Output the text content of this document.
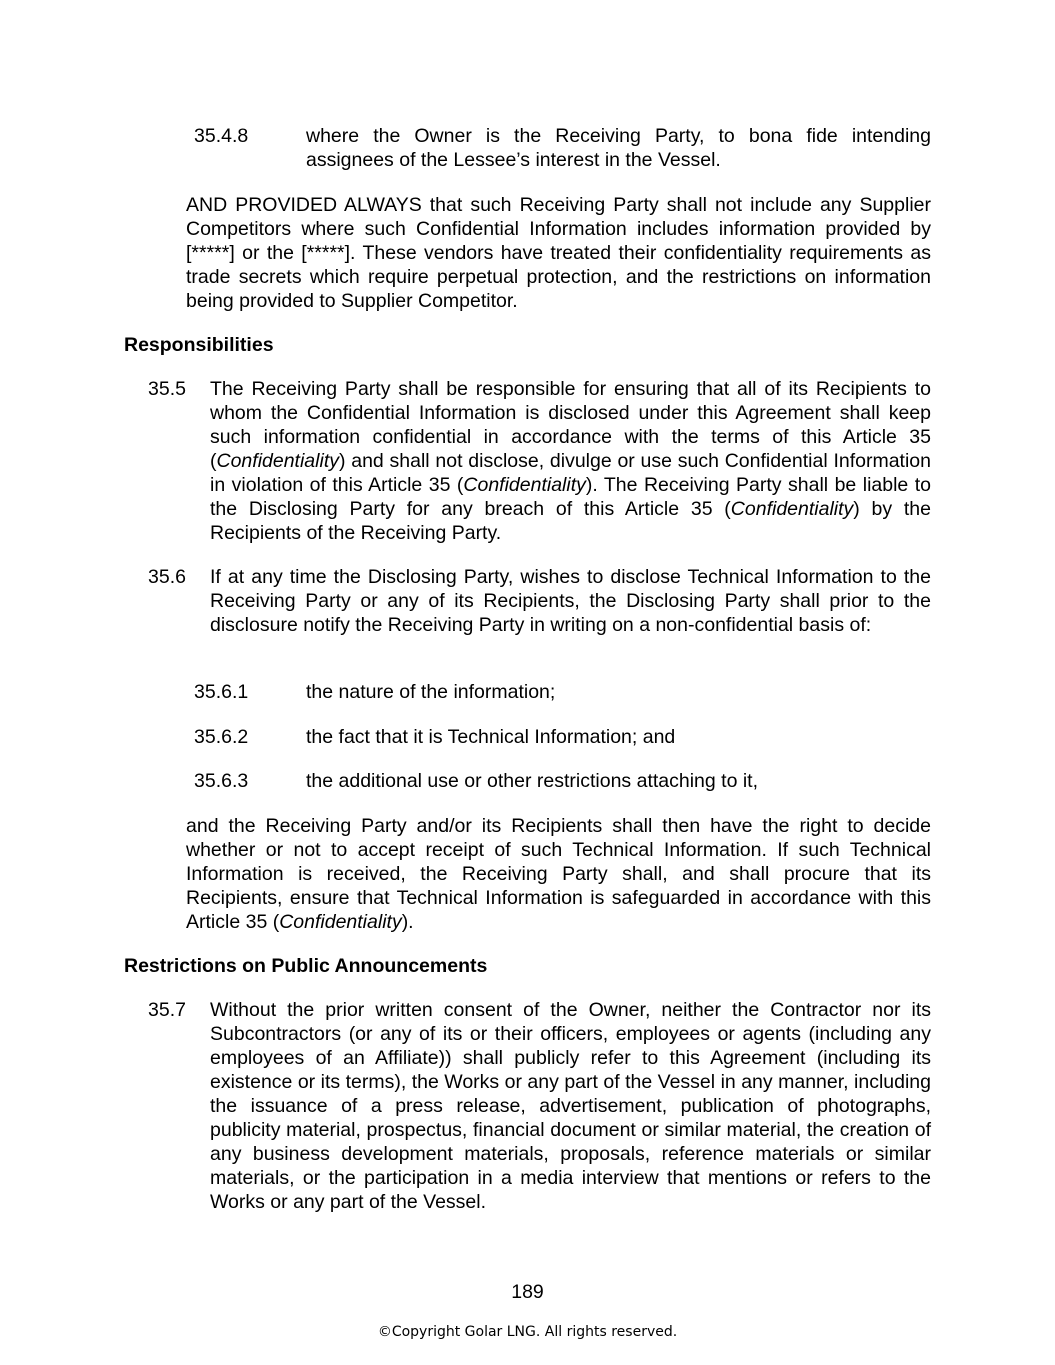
35.4.8	where the Owner is the Receiving Party, to bona fide intending assignees of the Lessee’s interest in the Vessel.
AND PROVIDED ALWAYS that such Receiving Party shall not include any Supplier Competitors where such Confidential Information includes information provided by [*****] or the [*****]. These vendors have treated their confidentiality requirements as trade secrets which require perpetual protection, and the restrictions on information being provided to Supplier Competitor.
Responsibilities
35.5	The Receiving Party shall be responsible for ensuring that all of its Recipients to whom the Confidential Information is disclosed under this Agreement shall keep such information confidential in accordance with the terms of this Article 35 (Confidentiality) and shall not disclose, divulge or use such Confidential Information in violation of this Article 35 (Confidentiality). The Receiving Party shall be liable to the Disclosing Party for any breach of this Article 35 (Confidentiality) by the Recipients of the Receiving Party.
35.6	If at any time the Disclosing Party, wishes to disclose Technical Information to the Receiving Party or any of its Recipients, the Disclosing Party shall prior to the disclosure notify the Receiving Party in writing on a non-confidential basis of:
35.6.1	the nature of the information;
35.6.2	the fact that it is Technical Information; and
35.6.3	the additional use or other restrictions attaching to it,
and the Receiving Party and/or its Recipients shall then have the right to decide whether or not to accept receipt of such Technical Information. If such Technical Information is received, the Receiving Party shall, and shall procure that its Recipients, ensure that Technical Information is safeguarded in accordance with this Article 35 (Confidentiality).
Restrictions on Public Announcements
35.7	Without the prior written consent of the Owner, neither the Contractor nor its Subcontractors (or any of its or their officers, employees or agents (including any employees of an Affiliate)) shall publicly refer to this Agreement (including its existence or its terms), the Works or any part of the Vessel in any manner, including the issuance of a press release, advertisement, publication of photographs, publicity material, prospectus, financial document or similar material, the creation of any business development materials, proposals, reference materials or similar materials, or the participation in a media interview that mentions or refers to the Works or any part of the Vessel.
189
©Copyright Golar LNG. All rights reserved.
